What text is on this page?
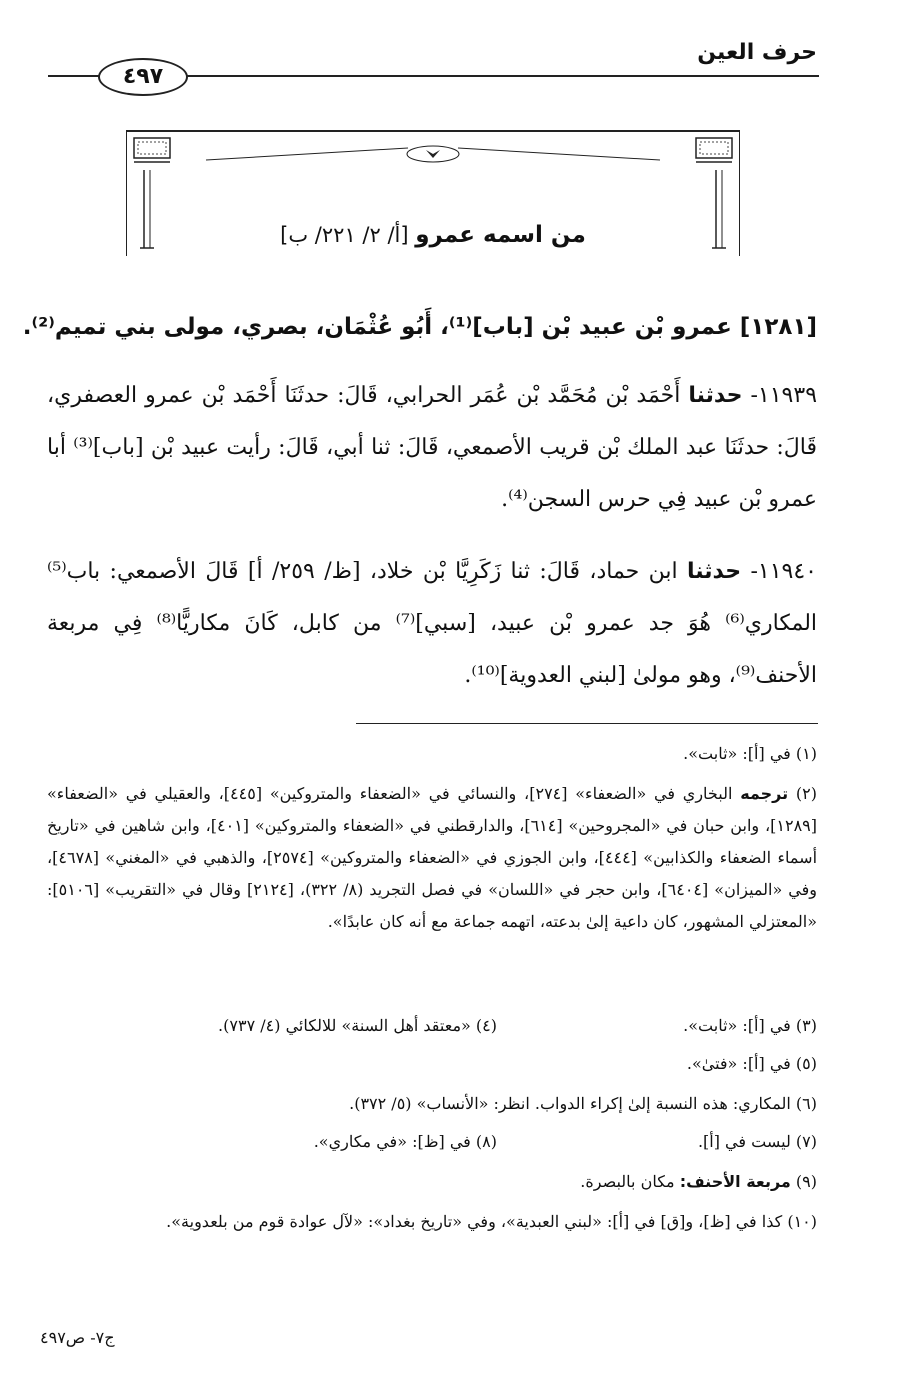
حرف العين
٤٩٧
من اسمه عمرو [أ/ ٢/ ٢٢١/ ب]
[١٢٨١] عمرو بْن عبيد بْن [باب]⁽¹⁾، أَبُو عُثْمَان، بصري، مولى بني تميم⁽²⁾.
١١٩٣٩- حدثنا أَحْمَد بْن مُحَمَّد بْن عُمَر الحرابي، قَالَ: حدثَنَا أَحْمَد بْن عمرو العصفري، قَالَ: حدثَنَا عبد الملك بْن قريب الأصمعي، قَالَ: ثنا أبي، قَالَ: رأيت عبيد بْن [باب]⁽³⁾ أبا عمرو بْن عبيد فِي حرس السجن⁽⁴⁾.
١١٩٤٠- حدثنا ابن حماد، قَالَ: ثنا زَكَرِيَّا بْن خلاد، [ظ/ ٢٥٩/ أ] قَالَ الأصمعي: باب⁽⁵⁾ المكاري⁽⁶⁾ هُوَ جد عمرو بْن عبيد، [سبي]⁽⁷⁾ من كابل، كَانَ مكاريًّا⁽⁸⁾ فِي مربعة الأحنف⁽⁹⁾، وهو مولىٰ [لبني العدوية]⁽¹⁰⁾.
(١) في [أ]: «ثابت».
(٢) ترجمه البخاري في «الضعفاء» [٢٧٤]، والنسائي في «الضعفاء والمتروكين» [٤٤٥]، والعقيلي في «الضعفاء» [١٢٨٩]، وابن حبان في «المجروحين» [٦١٤]، والدارقطني في «الضعفاء والمتروكين» [٤٠١]، وابن شاهين في «تاريخ أسماء الضعفاء والكذابين» [٤٤٤]، وابن الجوزي في «الضعفاء والمتروكين» [٢٥٧٤]، والذهبي في «المغني» [٤٦٧٨]، وفي «الميزان» [٦٤٠٤]، وابن حجر في «اللسان» في فصل التجريد (٨/ ٣٢٢)، [٢١٢٤] وقال في «التقريب» [٥١٠٦]: «المعتزلي المشهور، كان داعية إلىٰ بدعته، اتهمه جماعة مع أنه كان عابدًا».
(٣) في [أ]: «ثابت».
(٤) «معتقد أهل السنة» للالكائي (٤/ ٧٣٧).
(٥) في [أ]: «فتىٰ».
(٦) المكاري: هذه النسبة إلىٰ إكراء الدواب. انظر: «الأنساب» (٥/ ٣٧٢).
(٧) ليست في [أ].
(٨) في [ظ]: «في مكاري».
(٩) مربعة الأحنف: مكان بالبصرة.
(١٠) كذا في [ظ]، و[ق] في [أ]: «لبني العبدية»، وفي «تاريخ بغداد»: «لآل عوادة قوم من بلعدوية».
ج٧- ص٤٩٧
